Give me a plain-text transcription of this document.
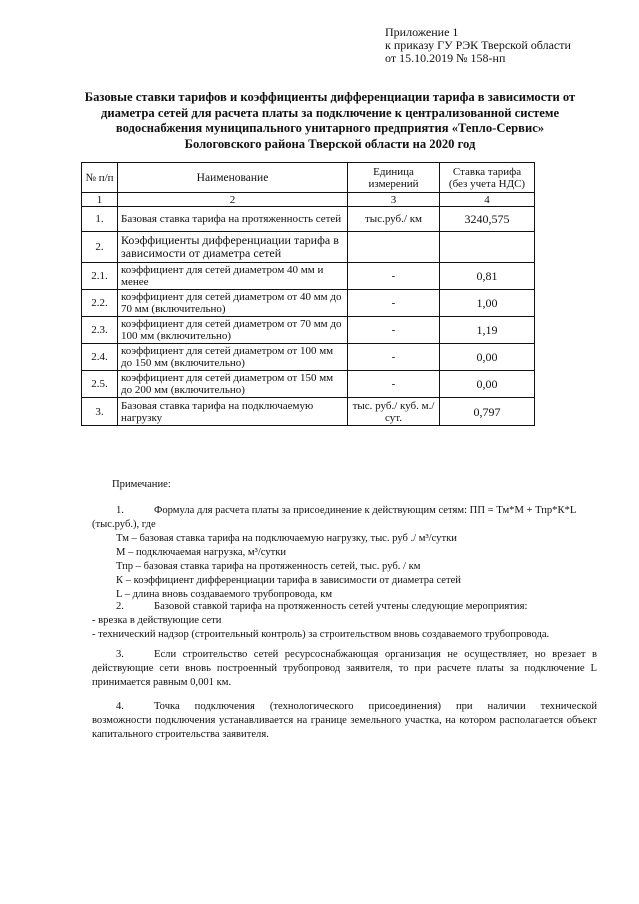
Приложение 1
к приказу ГУ РЭК Тверской области
от 15.10.2019 № 158-нп
Базовые ставки тарифов и коэффициенты дифференциации тарифа в зависимости от
диаметра сетей для расчета платы за подключение к централизованной системе
водоснабжения муниципального унитарного предприятия «Тепло-Сервис»
Бологовского района Тверской области на 2020 год
№ п/п	Наименование	Единица измерений	Ставка тарифа (без учета НДС)
1	2	3	4
1.	Базовая ставка тарифа на протяженность сетей	тыс.руб./ км	3240,575
2.	Коэффициенты дифференциации тарифа в зависимости от диаметра сетей		
2.1.	коэффициент для сетей диаметром 40 мм и менее	-	0,81
2.2.	коэффициент для сетей диаметром от 40 мм до 70 мм (включительно)	-	1,00
2.3.	коэффициент для сетей диаметром от 70 мм до 100 мм (включительно)	-	1,19
2.4.	коэффициент для сетей диаметром от 100 мм до 150 мм (включительно)	-	0,00
2.5.	коэффициент для сетей диаметром от 150 мм до 200 мм (включительно)	-	0,00
3.	Базовая ставка тарифа на подключаемую нагрузку	тыс. руб./ куб. м./сут.	0,797
Примечание:
1.	Формула для расчета платы за присоединение к действующим сетям: ПП = Тм*М + Тпр*К*L
(тыс.руб.), где
Тм – базовая ставка тарифа на подключаемую нагрузку, тыс. руб ./ м³/сутки
М – подключаемая нагрузка, м³/сутки
Тпр – базовая ставка тарифа на протяженность сетей, тыс. руб. / км
К – коэффициент дифференциации тарифа в зависимости от диаметра сетей
L – длина вновь создаваемого трубопровода, км
2.	Базовой ставкой тарифа на протяженность сетей учтены следующие мероприятия:
- врезка в действующие сети
- технический надзор (строительный контроль) за строительством вновь создаваемого трубопровода.
3.	Если строительство сетей ресурсоснабжающая организация не осуществляет, но врезает в
действующие сети вновь построенный трубопровод заявителя, то при расчете платы за подключение L
принимается равным 0,001 км.
4.	Точка подключения (технологического присоединения) при наличии технической
возможности подключения устанавливается на границе земельного участка, на котором располагается объект
капитального строительства заявителя.
